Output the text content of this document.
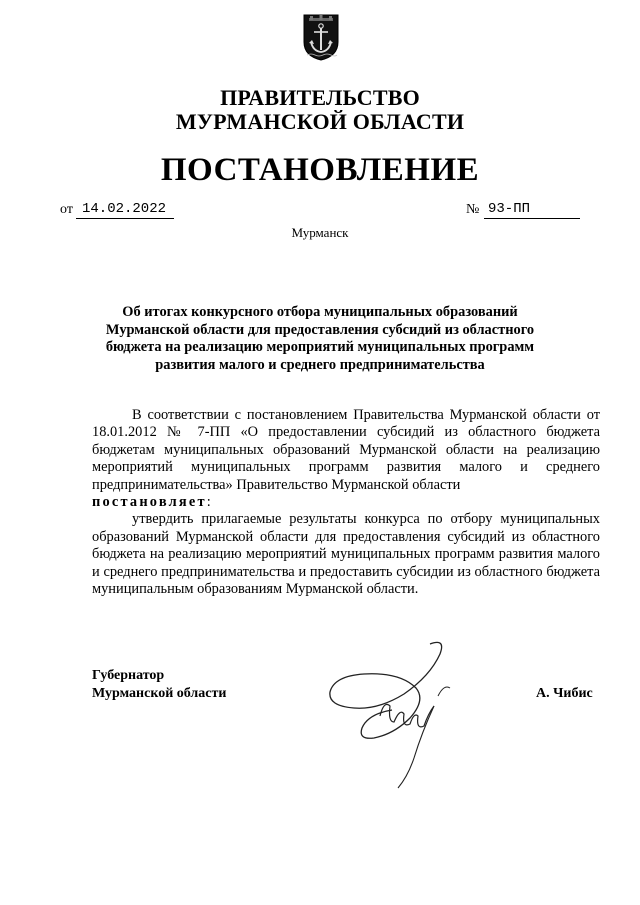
ПРАВИТЕЛЬСТВО
МУРМАНСКОЙ ОБЛАСТИ
ПОСТАНОВЛЕНИЕ
от 14.02.2022	№ 93-ПП
Мурманск
Об итогах конкурсного отбора муниципальных образований
Мурманской области для предоставления субсидий из областного
бюджета на реализацию мероприятий муниципальных программ
развития малого и среднего предпринимательства

В соответствии с постановлением Правительства Мурманской области от 18.01.2012 № 7-ПП «О предоставлении субсидий из областного бюджета бюджетам муниципальных образований Мурманской области на реализацию мероприятий муниципальных программ развития малого и среднего предпринимательства» Правительство Мурманской области

постановляет:

утвердить прилагаемые результаты конкурса по отбору муниципальных образований Мурманской области для предоставления субсидий из областного бюджета на реализацию мероприятий муниципальных программ развития малого и среднего предпринимательства и предоставить субсидии из областного бюджета муниципальным образованиям Мурманской области.

Губернатор
Мурманской области	А. Чибис
